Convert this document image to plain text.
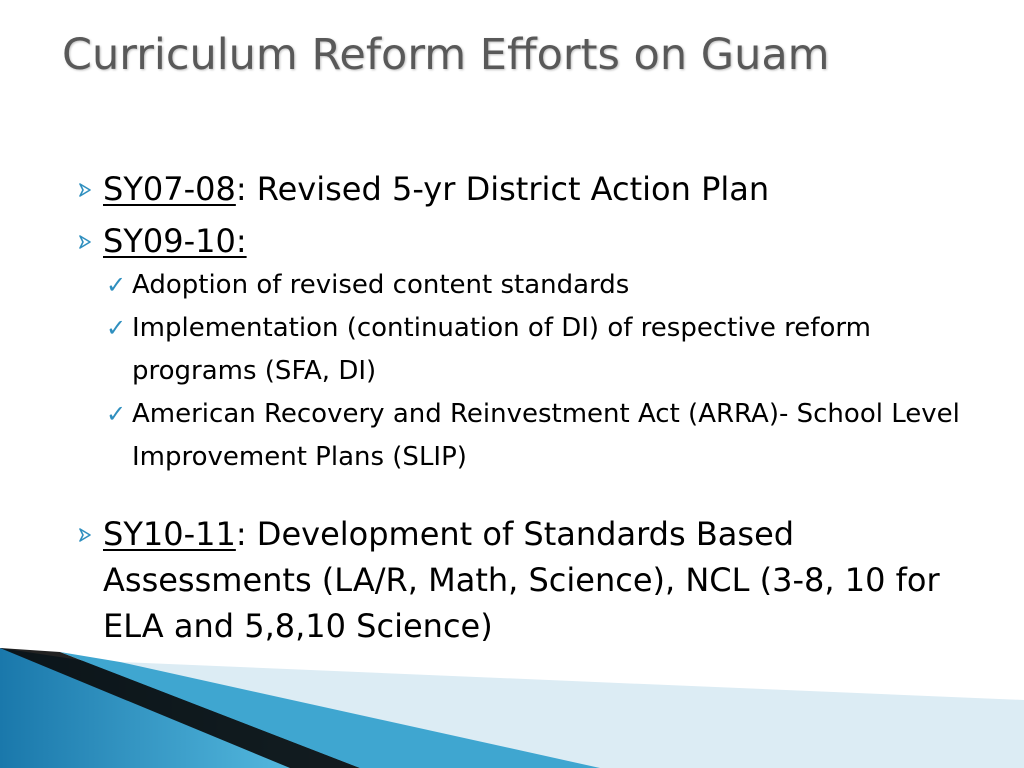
Curriculum Reform Efforts on Guam
SY07-08: Revised 5-yr District Action Plan
SY09-10:
✓ Adoption of revised content standards
✓ Implementation (continuation of DI) of respective reform programs (SFA, DI)
✓ American Recovery and Reinvestment Act (ARRA)- School Level Improvement Plans (SLIP)
SY10-11: Development of Standards Based Assessments (LA/R, Math, Science), NCL (3-8, 10 for ELA and 5,8,10 Science)
